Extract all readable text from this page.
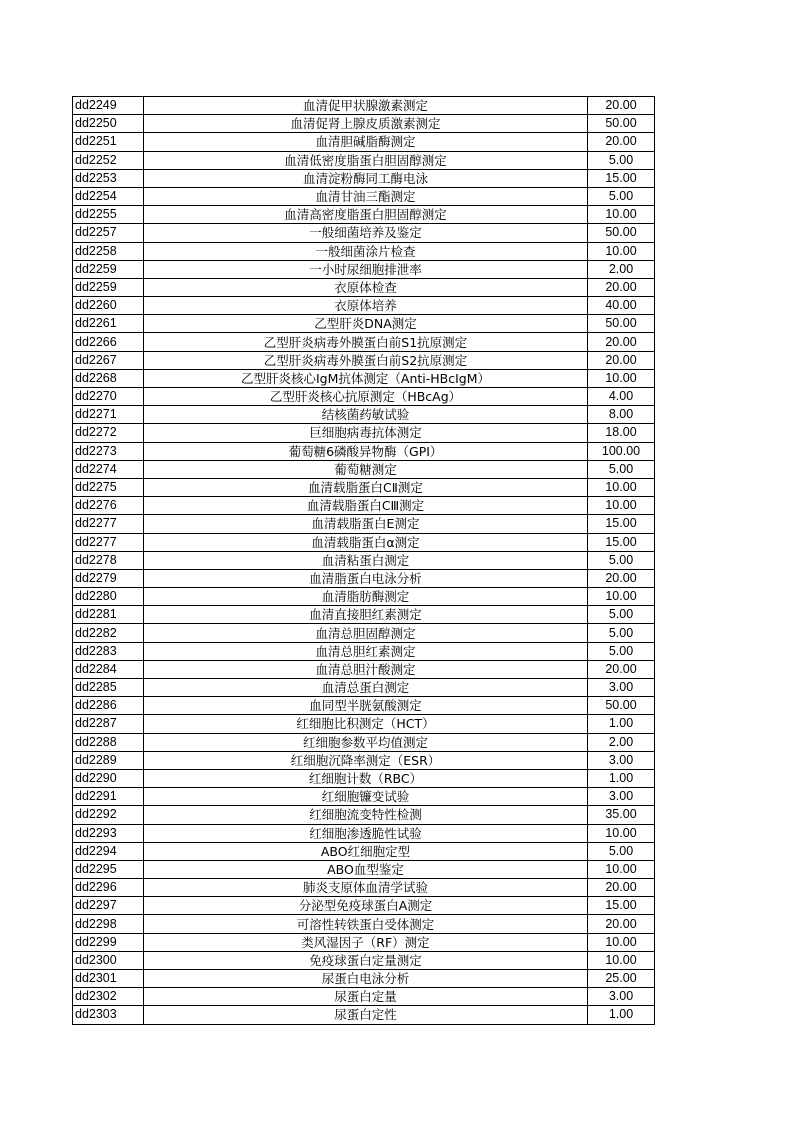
dd2249	血清促甲状腺激素测定	20.00
dd2250	血清促肾上腺皮质激素测定	50.00
dd2251	血清胆碱脂酶测定	20.00
dd2252	血清低密度脂蛋白胆固醇测定	5.00
dd2253	血清淀粉酶同工酶电泳	15.00
dd2254	血清甘油三酯测定	5.00
dd2255	血清高密度脂蛋白胆固醇测定	10.00
dd2257	一般细菌培养及鉴定	50.00
dd2258	一般细菌涂片检查	10.00
dd2259	一小时尿细胞排泄率	2.00
dd2259	衣原体检查	20.00
dd2260	衣原体培养	40.00
dd2261	乙型肝炎DNA测定	50.00
dd2266	乙型肝炎病毒外膜蛋白前S1抗原测定	20.00
dd2267	乙型肝炎病毒外膜蛋白前S2抗原测定	20.00
dd2268	乙型肝炎核心IgM抗体测定（Anti-HBcIgM）	10.00
dd2270	乙型肝炎核心抗原测定（HBcAg）	4.00
dd2271	结核菌药敏试验	8.00
dd2272	巨细胞病毒抗体测定	18.00
dd2273	葡萄糖6磷酸异物酶（GPI）	100.00
dd2274	葡萄糖测定	5.00
dd2275	血清载脂蛋白CⅡ测定	10.00
dd2276	血清载脂蛋白CⅢ测定	10.00
dd2277	血清载脂蛋白E测定	15.00
dd2277	血清载脂蛋白α测定	15.00
dd2278	血清粘蛋白测定	5.00
dd2279	血清脂蛋白电泳分析	20.00
dd2280	血清脂肪酶测定	10.00
dd2281	血清直接胆红素测定	5.00
dd2282	血清总胆固醇测定	5.00
dd2283	血清总胆红素测定	5.00
dd2284	血清总胆汁酸测定	20.00
dd2285	血清总蛋白测定	3.00
dd2286	血同型半胱氨酸测定	50.00
dd2287	红细胞比积测定（HCT）	1.00
dd2288	红细胞参数平均值测定	2.00
dd2289	红细胞沉降率测定（ESR）	3.00
dd2290	红细胞计数（RBC）	1.00
dd2291	红细胞镰变试验	3.00
dd2292	红细胞流变特性检测	35.00
dd2293	红细胞渗透脆性试验	10.00
dd2294	ABO红细胞定型	5.00
dd2295	ABO血型鉴定	10.00
dd2296	肺炎支原体血清学试验	20.00
dd2297	分泌型免疫球蛋白A测定	15.00
dd2298	可溶性转铁蛋白受体测定	20.00
dd2299	类风湿因子（RF）测定	10.00
dd2300	免疫球蛋白定量测定	10.00
dd2301	尿蛋白电泳分析	25.00
dd2302	尿蛋白定量	3.00
dd2303	尿蛋白定性	1.00
